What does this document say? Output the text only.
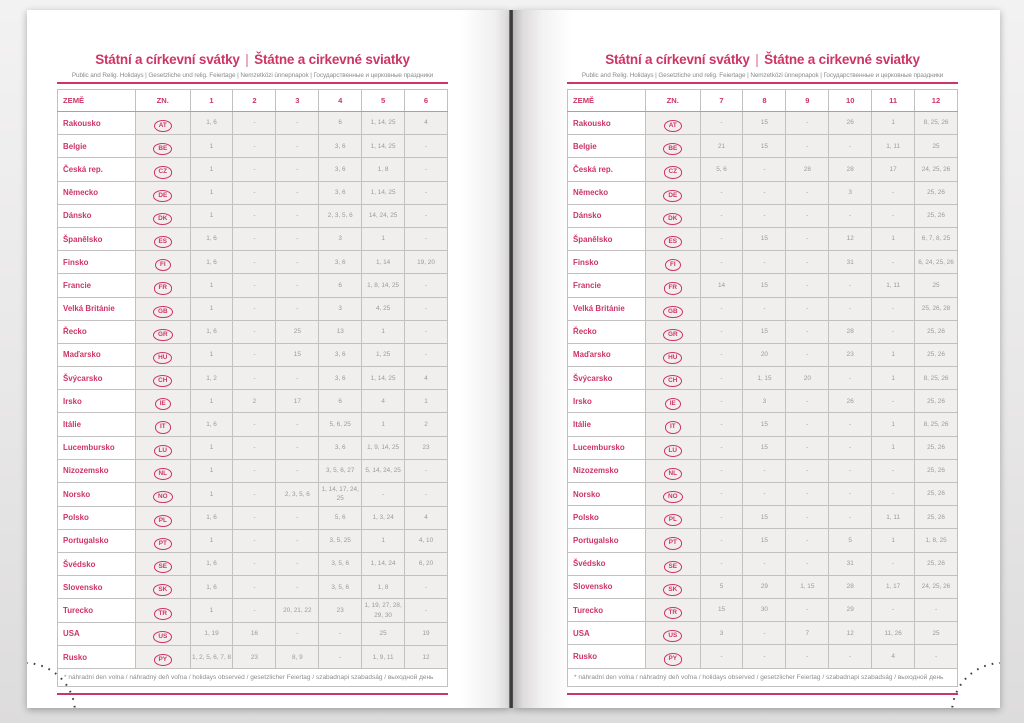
Státní a církevní svátky | Štátne a cirkevné sviatky
Public and Relig. Holidays | Gesetzliche und relig. Feiertage | Nemzetközi ünnepnapok | Государственные и церковные праздники
ZEMĚ	ZN.	1	2	3	4	5	6
Rakousko	AT	1, 6	-	-	6	1, 14, 25	4
Belgie	BE	1	-	-	3, 6	1, 14, 25	-
Česká rep.	CZ	1	-	-	3, 6	1, 8	-
Německo	DE	1	-	-	3, 6	1, 14, 25	-
Dánsko	DK	1	-	-	2, 3, 5, 6	14, 24, 25	-
Španělsko	ES	1, 6	-	-	3	1	-
Finsko	FI	1, 6	-	-	3, 6	1, 14	19, 20
Francie	FR	1	-	-	6	1, 8, 14, 25	-
Velká Británie	GB	1	-	-	3	4, 25	-
Řecko	GR	1, 6	-	25	13	1	-
Maďarsko	HU	1	-	15	3, 6	1, 25	-
Švýcarsko	CH	1, 2	-	-	3, 6	1, 14, 25	4
Irsko	IE	1	2	17	6	4	1
Itálie	IT	1, 6	-	-	5, 6, 25	1	2
Lucembursko	LU	1	-	-	3, 6	1, 9, 14, 25	23
Nizozemsko	NL	1	-	-	3, 5, 6, 27	5, 14, 24, 25	-
Norsko	NO	1	-	2, 3, 5, 6	1, 14, 17, 24, 25	-	-
Polsko	PL	1, 6	-	-	5, 6	1, 3, 24	4
Portugalsko	PT	1	-	-	3, 5, 25	1	4, 10
Švédsko	SE	1, 6	-	-	3, 5, 6	1, 14, 24	6, 20
Slovensko	SK	1, 6	-	-	3, 5, 6	1, 8	-
Turecko	TR	1	-	20, 21, 22	23	1, 19, 27, 28, 29, 30	-
USA	US	1, 19	16	-	-	25	19
Rusko	PY	1, 2, 5, 6, 7, 8	23	8, 9	-	1, 9, 11	12
* náhradní den volna / náhradný deň voľna / holidays observed / gesetzlicher Feiertag / szabadnapi szabadság / выходной день							
Státní a církevní svátky | Štátne a cirkevné sviatky
Public and Relig. Holidays | Gesetzliche und relig. Feiertage | Nemzetközi ünnepnapok | Государственные и церковные праздники
ZEMĚ	ZN.	7	8	9	10	11	12
Rakousko	AT	-	15	-	26	1	8, 25, 26
Belgie	BE	21	15	-	-	1, 11	25
Česká rep.	CZ	5, 6	-	28	28	17	24, 25, 26
Německo	DE	-	-	-	3	-	25, 26
Dánsko	DK	-	-	-	-	-	25, 26
Španělsko	ES	-	15	-	12	1	6, 7, 8, 25
Finsko	FI	-	-	-	31	-	6, 24, 25, 26
Francie	FR	14	15	-	-	1, 11	25
Velká Británie	GB	-	-	-	-	-	25, 26, 28
Řecko	GR	-	15	-	28	-	25, 26
Maďarsko	HU	-	20	-	23	1	25, 26
Švýcarsko	CH	-	1, 15	20	-	1	8, 25, 26
Irsko	IE	-	3	-	26	-	25, 26
Itálie	IT	-	15	-	-	1	8, 25, 26
Lucembursko	LU	-	15	-	-	1	25, 26
Nizozemsko	NL	-	-	-	-	-	25, 26
Norsko	NO	-	-	-	-	-	25, 26
Polsko	PL	-	15	-	-	1, 11	25, 26
Portugalsko	PT	-	15	-	5	1	1, 8, 25
Švédsko	SE	-	-	-	31	-	25, 26
Slovensko	SK	5	29	1, 15	28	1, 17	24, 25, 26
Turecko	TR	15	30	-	29	-	-
USA	US	3	-	7	12	11, 26	25
Rusko	PY	-	-	-	-	4	-
* náhradní den volna / náhradný deň voľna / holidays observed / gesetzlicher Feiertag / szabadnapi szabadság / выходной день							
